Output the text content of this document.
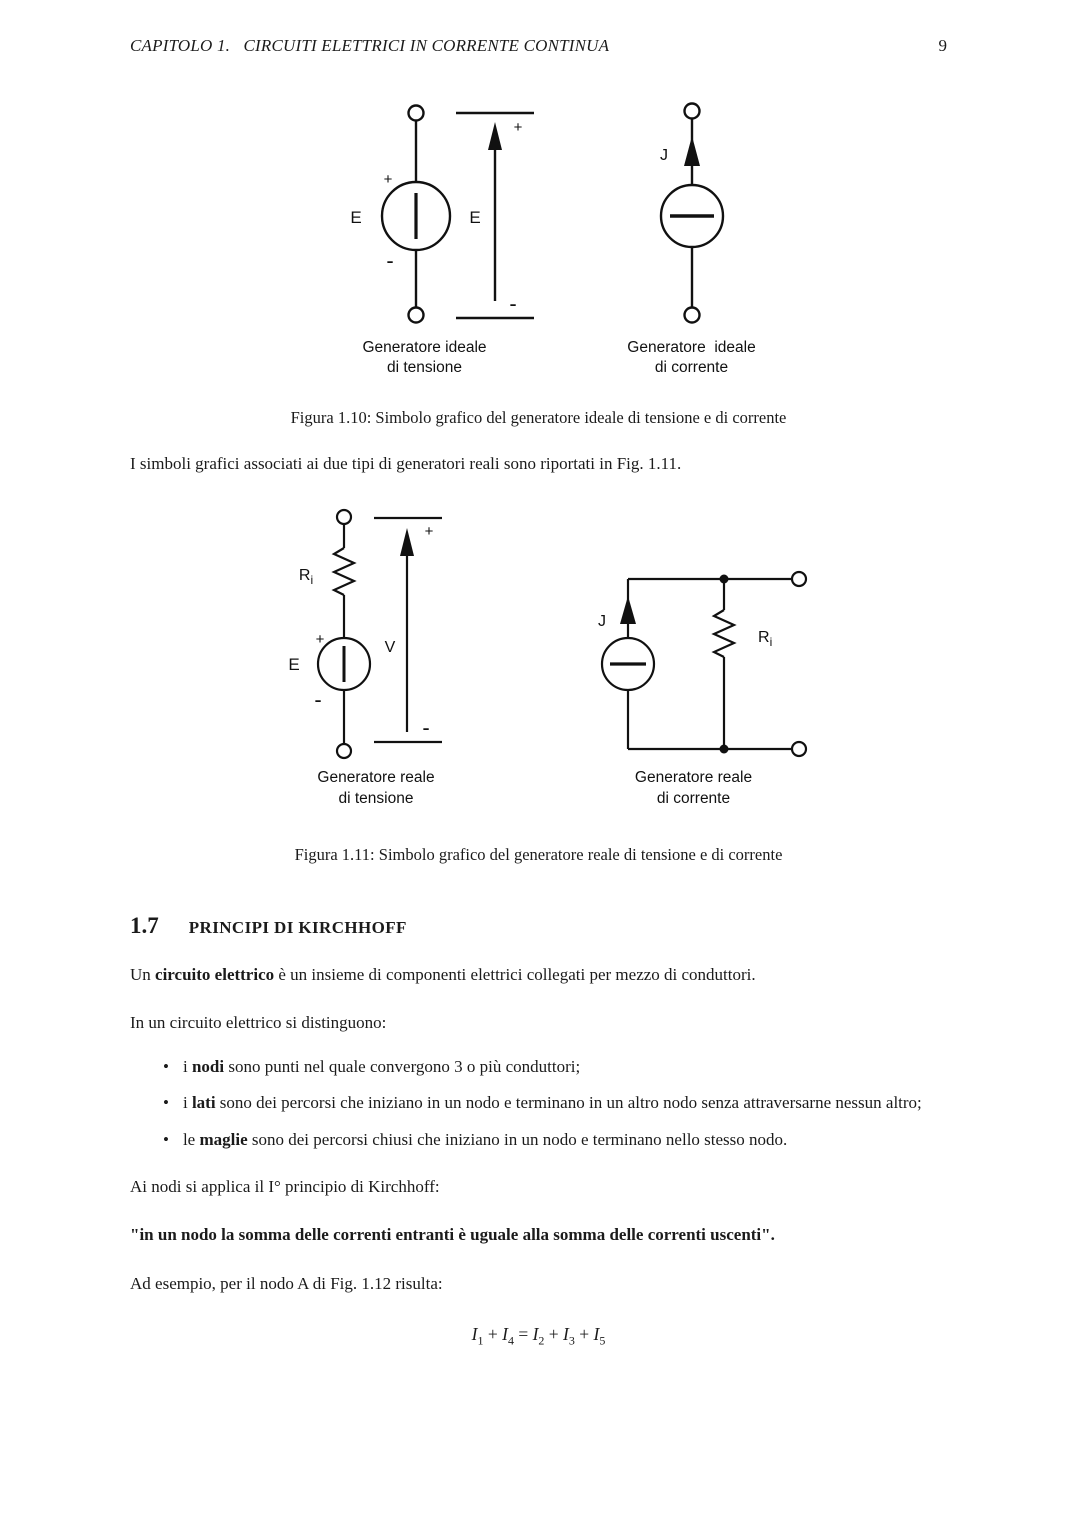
CAPITOLO 1.   CIRCUITI ELETTRICI IN CORRENTE CONTINUA	9
+
E
-
+
E
-
Generatore ideale
di tensione
J
Generatore  ideale
di corrente

Figura 1.10: Simbolo grafico del generatore ideale di tensione e di corrente

I simboli grafici associati ai due tipi di generatori reali sono riportati in Fig. 1.11.

$R_i$
+
E
-
+
V
-
Generatore reale
di tensione
J
$R_i$
Generatore reale
di corrente

Figura 1.11: Simbolo grafico del generatore reale di tensione e di corrente

1.7 PRINCIPI DI KIRCHHOFF

Un circuito elettrico è un insieme di componenti elettrici collegati per mezzo di conduttori.

In un circuito elettrico si distinguono:

• i nodi sono punti nel quale convergono 3 o più conduttori;
• i lati sono dei percorsi che iniziano in un nodo e terminano in un altro nodo senza attraversarne nessun altro;
• le maglie sono dei percorsi chiusi che iniziano in un nodo e terminano nello stesso nodo.

Ai nodi si applica il I° principio di Kirchhoff:

"in un nodo la somma delle correnti entranti è uguale alla somma delle correnti uscenti".

Ad esempio, per il nodo A di Fig. 1.12 risulta:

$I_1 + I_4 = I_2 + I_3 + I_5$
